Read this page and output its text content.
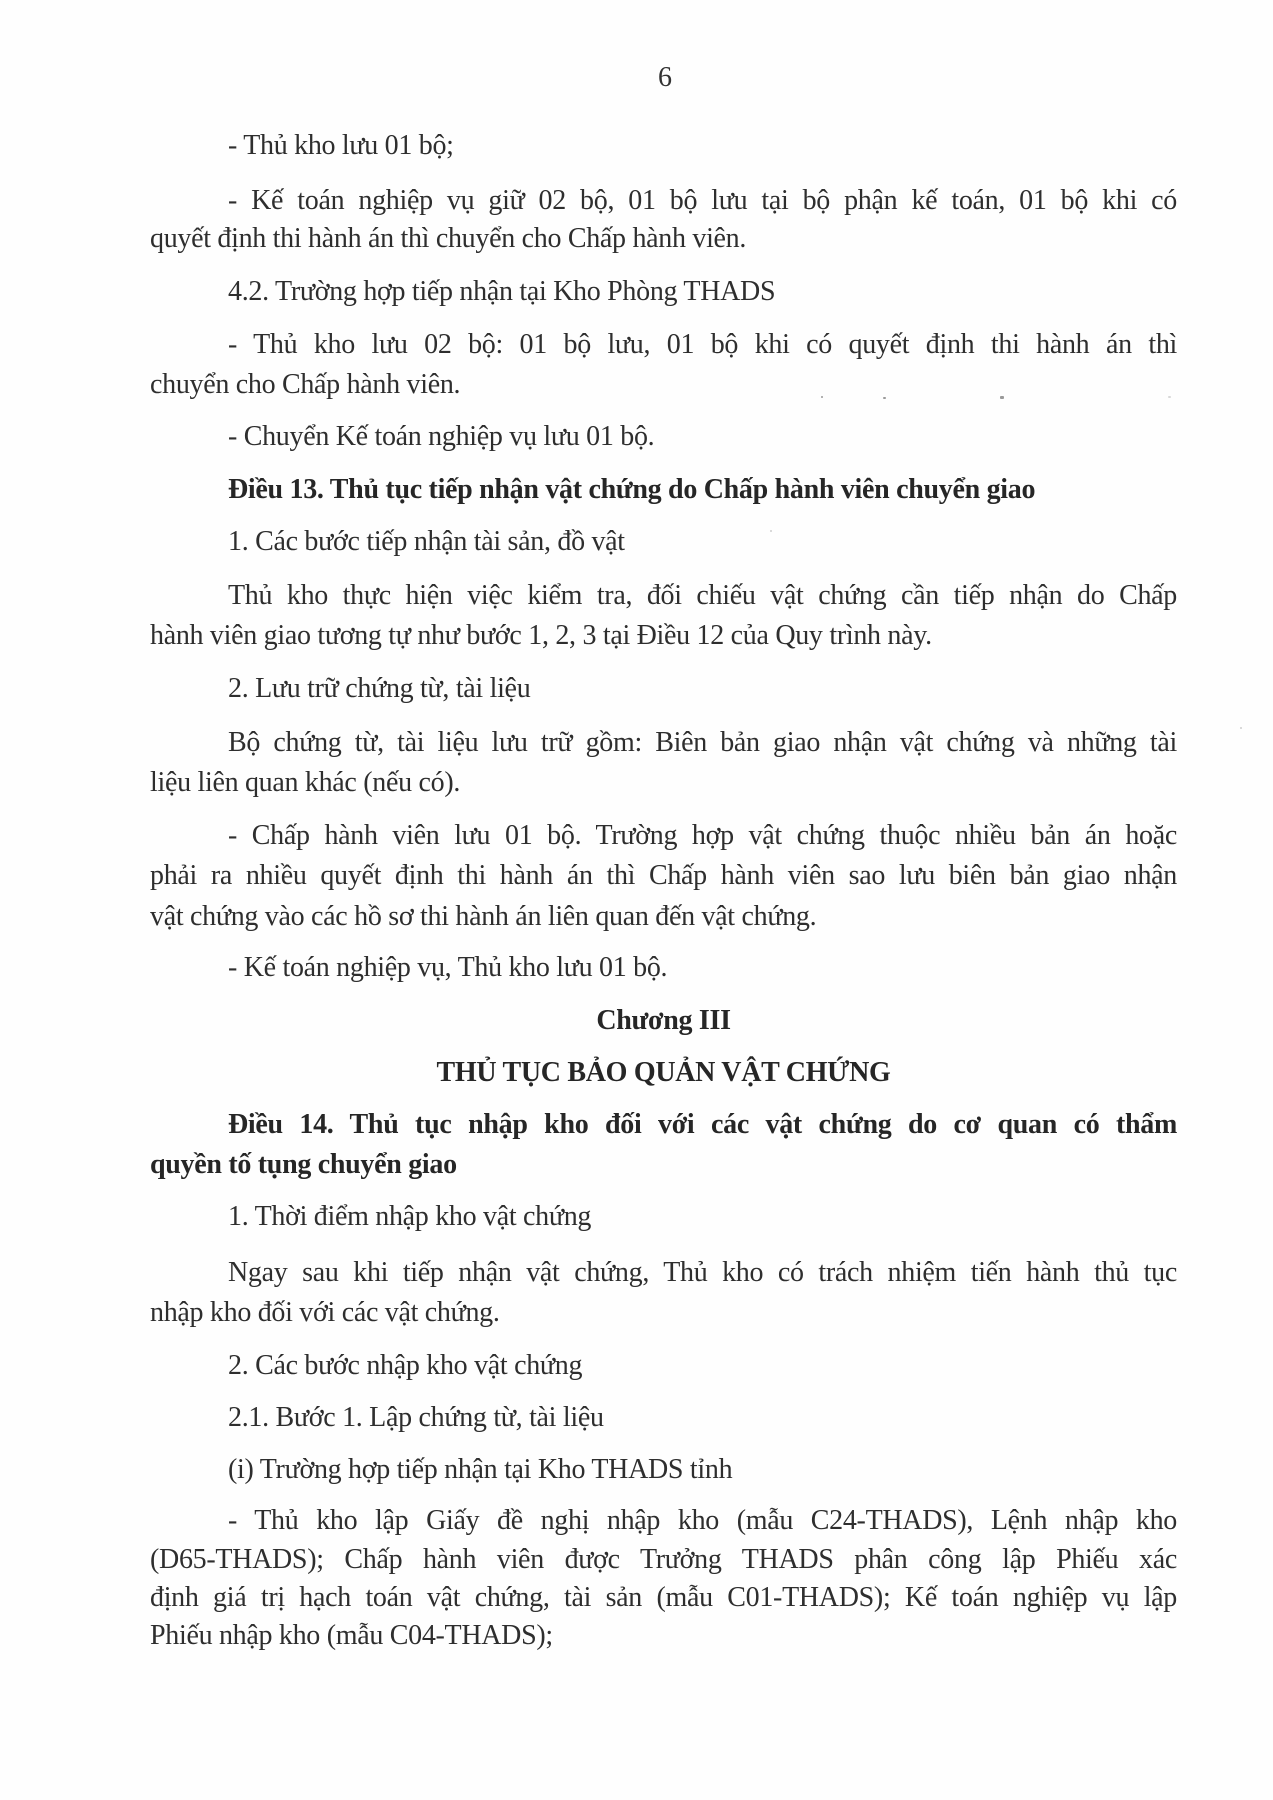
6
- Thủ kho lưu 01 bộ;
- Kế toán nghiệp vụ giữ 02 bộ, 01 bộ lưu tại bộ phận kế toán, 01 bộ khi có
quyết định thi hành án thì chuyển cho Chấp hành viên.
4.2. Trường hợp tiếp nhận tại Kho Phòng THADS
- Thủ kho lưu 02 bộ: 01 bộ lưu, 01 bộ khi có quyết định thi hành án thì
chuyển cho Chấp hành viên.
- Chuyển Kế toán nghiệp vụ lưu 01 bộ.
Điều 13. Thủ tục tiếp nhận vật chứng do Chấp hành viên chuyển giao
1. Các bước tiếp nhận tài sản, đồ vật
Thủ kho thực hiện việc kiểm tra, đối chiếu vật chứng cần tiếp nhận do Chấp
hành viên giao tương tự như bước 1, 2, 3 tại Điều 12 của Quy trình này.
2. Lưu trữ chứng từ, tài liệu
Bộ chứng từ, tài liệu lưu trữ gồm: Biên bản giao nhận vật chứng và những tài
liệu liên quan khác (nếu có).
- Chấp hành viên lưu 01 bộ. Trường hợp vật chứng thuộc nhiều bản án hoặc
phải ra nhiều quyết định thi hành án thì Chấp hành viên sao lưu biên bản giao nhận
vật chứng vào các hồ sơ thi hành án liên quan đến vật chứng.
- Kế toán nghiệp vụ, Thủ kho lưu 01 bộ.
Chương III
THỦ TỤC BẢO QUẢN VẬT CHỨNG
Điều 14. Thủ tục nhập kho đối với các vật chứng do cơ quan có thẩm
quyền tố tụng chuyển giao
1. Thời điểm nhập kho vật chứng
Ngay sau khi tiếp nhận vật chứng, Thủ kho có trách nhiệm tiến hành thủ tục
nhập kho đối với các vật chứng.
2. Các bước nhập kho vật chứng
2.1. Bước 1. Lập chứng từ, tài liệu
(i) Trường hợp tiếp nhận tại Kho THADS tỉnh
- Thủ kho lập Giấy đề nghị nhập kho (mẫu C24-THADS), Lệnh nhập kho
(D65-THADS); Chấp hành viên được Trưởng THADS phân công lập Phiếu xác
định giá trị hạch toán vật chứng, tài sản (mẫu C01-THADS); Kế toán nghiệp vụ lập
Phiếu nhập kho (mẫu C04-THADS);
